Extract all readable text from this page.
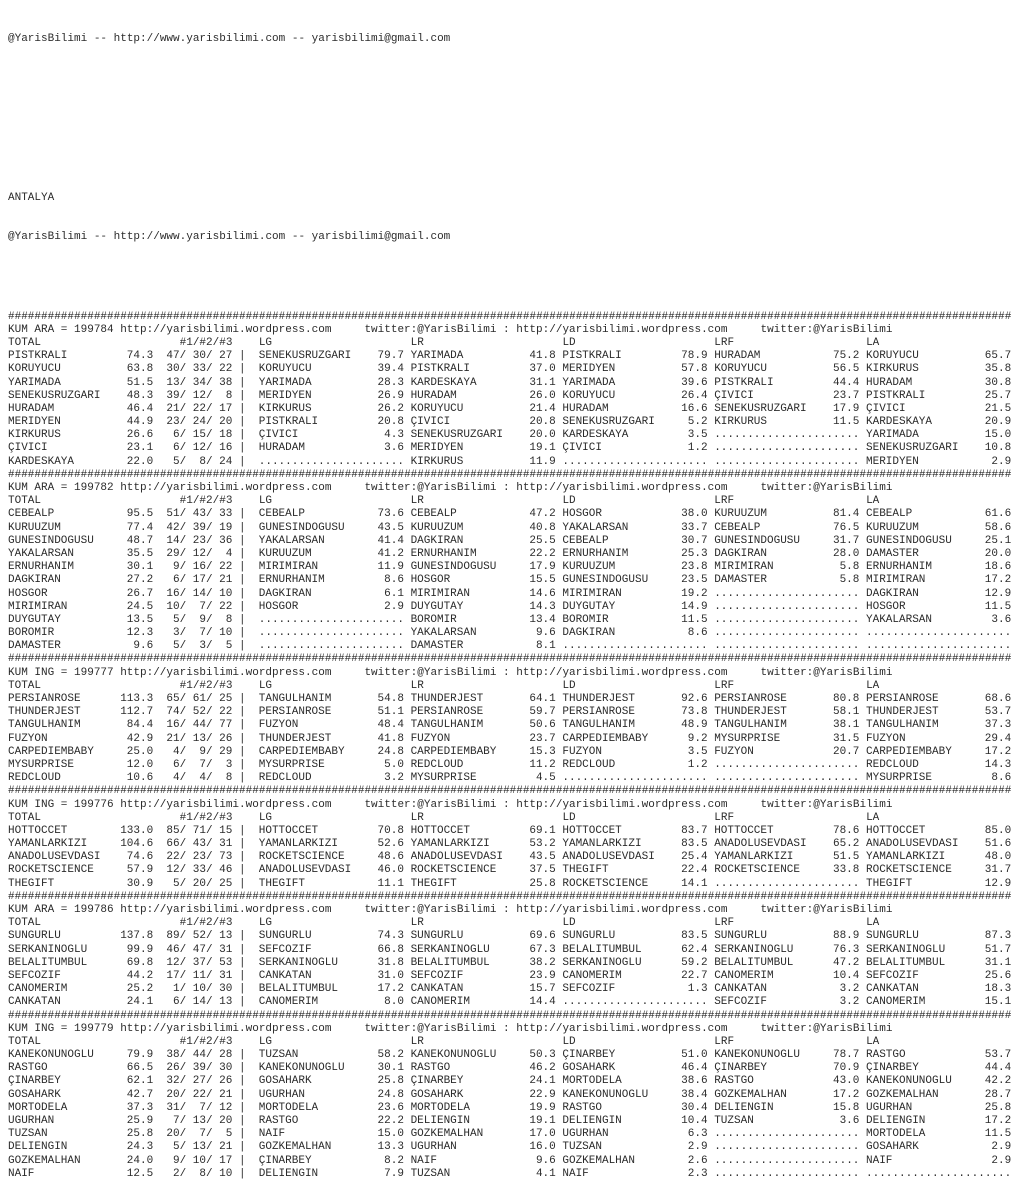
@YarisBilimi -- http://www.yarisbilimi.com -- yarisbilimi@gmail.com

ANTALYA

@YarisBilimi -- http://www.yarisbilimi.com -- yarisbilimi@gmail.com

########################################################################################################################################################
KUM ARA = 199784 http://yarisbilimi.wordpress.com	twitter:@YarisBilimi : http://yarisbilimi.wordpress.com	twitter:@YarisBilimi
TOTAL	#1/#2/#3 LG	LR	LD	LRF	LA
PISTKRALI	74.3 47/ 30/ 27 | SENEKUSRÜZGARI 79.7 YARIMADA	41.8 PISTKRALI	78.9 HÜRADAM	75.2 KORUYUCU	65.7
KORUYUCU	63.8 30/ 33/ 22 | KORUYUCU	39.4 PISTKRALI	37.0 MERIDYEN	57.8 KORUYUCU	56.5 KIRKURUS	35.8
YARIMADA	51.5 13/ 34/ 38 | YARIMADA	28.3 KARDESKAYA	31.1 YARIMADA	39.6 PISTKRALI	44.4 HÜRADAM	30.8
SENEKUSRÜZGARI 48.3 39/ 12/ 8 | MERIDYEN	26.9 HÜRADAM	26.0 KORUYUCU	26.4 ÇIVICI	23.7 PISTKRALI	25.7
HÜRADAM	46.4 21/ 22/ 17 | KIRKURUS	26.2 KORUYUCU	21.4 HÜRADAM	16.6 SENEKUSRÜZGARI 17.9 ÇIVICI	21.5
MERIDYEN	44.9 23/ 24/ 20 | PISTKRALI	20.8 ÇIVICI	20.8 SENEKUSRÜZGARI	5.2 KIRKURUS	11.5 KARDESKAYA	20.9
KIRKURUS	26.6 6/ 15/ 18 | ÇIVICI	4.3 SENEKUSRÜZGARI 20.0 KARDESKAYA	3.5 ...................... YARIMADA	15.0
ÇIVICI	23.1 6/ 12/ 16 | HÜRADAM	3.6 MERIDYEN	19.1 ÇIVICI	1.2 ...................... SENEKUSRÜZGARI 10.8
KARDESKAYA	22.0 5/ 8/ 24 | ...................... KIRKURUS	11.9 ...................... ...................... MERIDYEN	2.9
########################################################################################################################################################
KUM ARA = 199782 http://yarisbilimi.wordpress.com	twitter:@YarisBilimi : http://yarisbilimi.wordpress.com	twitter:@YarisBilimi
TOTAL	#1/#2/#3 LG	LR	LD	LRF	LA
CEBEALP	95.5 51/ 43/ 33 | CEBEALP	73.6 CEBEALP	47.2 HOSGÖR	38.0 KURUÜZÜM	81.4 CEBEALP	61.6
KURUÜZÜM	77.4 42/ 39/ 19 | GÜNESINDOGUSU	43.5 KURUÜZÜM	40.8 YAKALARSAN	33.7 CEBEALP	76.5 KURUÜZÜM	58.6
GÜNESINDOGUSU	48.7 14/ 23/ 36 | YAKALARSAN	41.4 DAGKIRAN	25.5 CEBEALP	30.7 GÜNESINDOGUSU	31.7 GÜNESINDOGUSU	25.1
YAKALARSAN	35.5 29/ 12/ 4 | KURUÜZÜM	41.2 ERNURHANIM	22.2 ERNURHANIM	25.3 DAGKIRAN	28.0 DAMASTER	20.0
ERNURHANIM	30.1 9/ 16/ 22 | MIRIMIRAN	11.9 GÜNESINDOGUSU	17.9 KURUÜZÜM	23.8 MIRIMIRAN	5.8 ERNURHANIM	18.6
DAGKIRAN	27.2 6/ 17/ 21 | ERNURHANIM	8.6 HOSGÖR	15.5 GÜNESINDOGUSU	23.5 DAMASTER	5.8 MIRIMIRAN	17.2
HOSGÖR	26.7 16/ 14/ 10 | DAGKIRAN	6.1 MIRIMIRAN	14.6 MIRIMIRAN	19.2 ...................... DAGKIRAN	12.9
MIRIMIRAN	24.5 10/ 7/ 22 | HOSGÖR	2.9 DUYGUTAY	14.3 DUYGUTAY	14.9 ...................... HOSGÖR	11.5
DUYGUTAY	13.5 5/ 9/ 8 | ...................... BOROMIR	13.4 BOROMIR	11.5 ...................... YAKALARSAN	3.6
BOROMIR	12.3 3/ 7/ 10 | ...................... YAKALARSAN	9.6 DAGKIRAN	8.6 ...................... ......................
DAMASTER	9.6 5/ 3/ 5 | ...................... DAMASTER	8.1 ...................... ...................... ......................
########################################################################################################################################################
KUM ING = 199777 http://yarisbilimi.wordpress.com	twitter:@YarisBilimi : http://yarisbilimi.wordpress.com	twitter:@YarisBilimi
TOTAL	#1/#2/#3 LG	LR	LD	LRF	LA
PERSIANROSE	113.3 65/ 61/ 25 | TANGÜLHANIM	54.8 THUNDERJEST	64.1 THUNDERJEST	92.6 PERSIANROSE	80.8 PERSIANROSE	68.6
THUNDERJEST	112.7 74/ 52/ 22 | PERSIANROSE	51.1 PERSIANROSE	59.7 PERSIANROSE	73.8 THUNDERJEST	58.1 THUNDERJEST	53.7
TANGÜLHANIM	84.4 16/ 44/ 77 | FÜZYON	48.4 TANGÜLHANIM	50.6 TANGÜLHANIM	48.9 TANGÜLHANIM	38.1 TANGÜLHANIM	37.3
FÜZYON	42.9 21/ 13/ 26 | THUNDERJEST	41.8 FÜZYON	23.7 CARPEDIEMBABY	9.2 MYSURPRISE	31.5 FÜZYON	29.4
CARPEDIEMBABY	25.0 4/ 9/ 29 | CARPEDIEMBABY	24.8 CARPEDIEMBABY	15.3 FÜZYON	3.5 FÜZYON	20.7 CARPEDIEMBABY	17.2
MYSURPRISE	12.0 6/ 7/ 3 | MYSURPRISE	5.0 REDCLOUD	11.2 REDCLOUD	1.2 ...................... REDCLOUD	14.3
REDCLOUD	10.6 4/ 4/ 8 | REDCLOUD	3.2 MYSURPRISE	4.5 ...................... ...................... MYSURPRISE	8.6
########################################################################################################################################################
KUM ING = 199776 http://yarisbilimi.wordpress.com	twitter:@YarisBilimi : http://yarisbilimi.wordpress.com	twitter:@YarisBilimi
TOTAL	#1/#2/#3 LG	LR	LD	LRF	LA
HOTTOCCET	133.0 85/ 71/ 15 | HOTTOCCET	70.8 HOTTOCCET	69.1 HOTTOCCET	83.7 HOTTOCCET	78.6 HOTTOCCET	85.0
YAMANLARKIZI	104.6 66/ 43/ 31 | YAMANLARKIZI	52.6 YAMANLARKIZI	53.2 YAMANLARKIZI	83.5 ANADOLUSEVDASI 65.2 ANADOLUSEVDASI 51.6
ANADOLUSEVDASI 74.6 22/ 23/ 73 | ROCKETSCIENCE	48.6 ANADOLUSEVDASI 43.5 ANADOLUSEVDASI 25.4 YAMANLARKIZI	51.5 YAMANLARKIZI	48.0
ROCKETSCIENCE	57.9 12/ 33/ 46 | ANADOLUSEVDASI 46.0 ROCKETSCIENCE	37.5 THEGIFT	22.4 ROCKETSCIENCE	33.8 ROCKETSCIENCE	31.7
THEGIFT	30.9 5/ 20/ 25 | THEGIFT	11.1 THEGIFT	25.8 ROCKETSCIENCE	14.1 ...................... THEGIFT	12.9
########################################################################################################################################################
KUM ARA = 199786 http://yarisbilimi.wordpress.com	twitter:@YarisBilimi : http://yarisbilimi.wordpress.com	twitter:@YarisBilimi
TOTAL	#1/#2/#3 LG	LR	LD	LRF	LA
SUNGURLU	137.8 89/ 52/ 13 | SUNGURLU	74.3 SUNGURLU	69.6 SUNGURLU	83.5 SUNGURLU	88.9 SUNGURLU	87.3
SERKANINOGLU	99.9 46/ 47/ 31 | SEFCOZIF	66.8 SERKANINOGLU	67.3 BELALITUMBUL	62.4 SERKANINOGLU	76.3 SERKANINOGLU	51.7
BELALITUMBUL	69.8 12/ 37/ 53 | SERKANINOGLU	31.8 BELALITUMBUL	38.2 SERKANINOGLU	59.2 BELALITUMBUL	47.2 BELALITUMBUL	31.1
SEFCOZIF	44.2 17/ 11/ 31 | CANKATAN	31.0 SEFCOZIF	23.9 CANOMERIM	22.7 CANOMERIM	10.4 SEFCOZIF	25.6
CANOMERIM	25.2 1/ 10/ 30 | BELALITUMBUL	17.2 CANKATAN	15.7 SEFCOZIF	1.3 CANKATAN	3.2 CANKATAN	18.3
CANKATAN	24.1 6/ 14/ 13 | CANOMERIM	8.0 CANOMERIM	14.4 ...................... SEFCOZIF	3.2 CANOMERIM	15.1
########################################################################################################################################################
KUM ING = 199779 http://yarisbilimi.wordpress.com	twitter:@YarisBilimi : http://yarisbilimi.wordpress.com	twitter:@YarisBilimi
TOTAL	#1/#2/#3 LG	LR	LD	LRF	LA
KANEKONUNOGLU	79.9 38/ 44/ 28 | TÜZSAN	58.2 KANEKONUNOGLU	50.3 ÇINARBEY	51.0 KANEKONUNOGLU	78.7 RASTGO	53.7
RASTGO	66.5 26/ 39/ 30 | KANEKONUNOGLU	30.1 RASTGO	46.2 GOSAHARK	46.4 ÇINARBEY	70.9 ÇINARBEY	44.4
ÇINARBEY	62.1 32/ 27/ 26 | GOSAHARK	25.8 ÇINARBEY	24.1 MORTODELA	38.6 RASTGO	43.0 KANEKONUNOGLU	42.2
GOSAHARK	42.7 20/ 22/ 21 | UGURHAN	24.8 GOSAHARK	22.9 KANEKONUNOGLU	38.4 GÖZKEMALHAN	17.2 GÖZKEMALHAN	28.7
MORTODELA	37.3 31/ 7/ 12 | MORTODELA	23.6 MORTODELA	19.9 RASTGO	30.4 DELIENGIN	15.8 UGURHAN	25.8
UGURHAN	25.9 7/ 13/ 20 | RASTGO	22.2 DELIENGIN	19.1 DELIENGIN	10.4 TÜZSAN	3.6 DELIENGIN	17.2
TÜZSAN	25.8 20/ 7/ 5 | NAIF	15.0 GÖZKEMALHAN	17.0 UGURHAN	6.3 ...................... MORTODELA	11.5
DELIENGIN	24.3 5/ 13/ 21 | GÖZKEMALHAN	13.3 UGURHAN	16.0 TÜZSAN	2.9 ...................... GOSAHARK	2.9
GÖZKEMALHAN	24.0 9/ 10/ 17 | ÇINARBEY	8.2 NAIF	9.6 GÖZKEMALHAN	2.6 ...................... NAIF	2.9
NAIF	12.5 2/ 8/ 10 | DELIENGIN	7.9 TÜZSAN	4.1 NAIF	2.3 ...................... ......................
